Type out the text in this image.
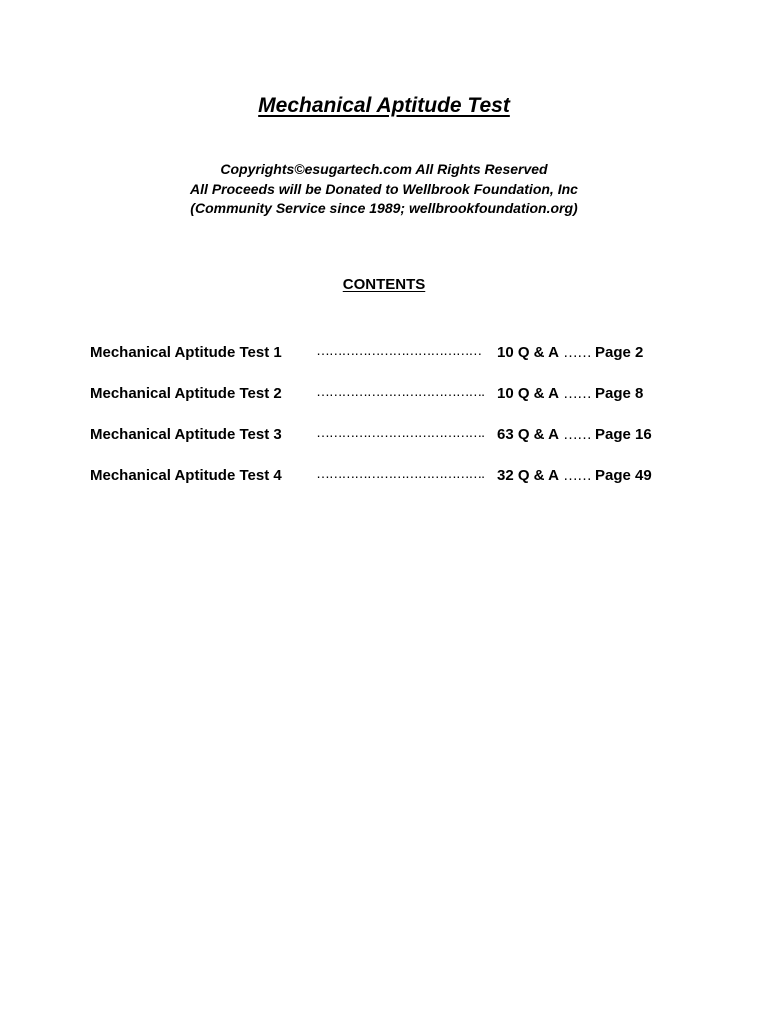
Mechanical Aptitude Test
Copyrights©esugartech.com All Rights Reserved
All Proceeds will be Donated to Wellbrook Foundation, Inc
(Community Service since 1989; wellbrookfoundation.org)
CONTENTS
Mechanical Aptitude Test 1 ………………………………… 10 Q & A …… Page 2
Mechanical Aptitude Test 2 …………………………………. 10 Q & A …… Page 8
Mechanical Aptitude Test 3 …………………………………. 63 Q & A …… Page 16
Mechanical Aptitude Test 4 …………………………………. 32 Q & A …… Page 49
